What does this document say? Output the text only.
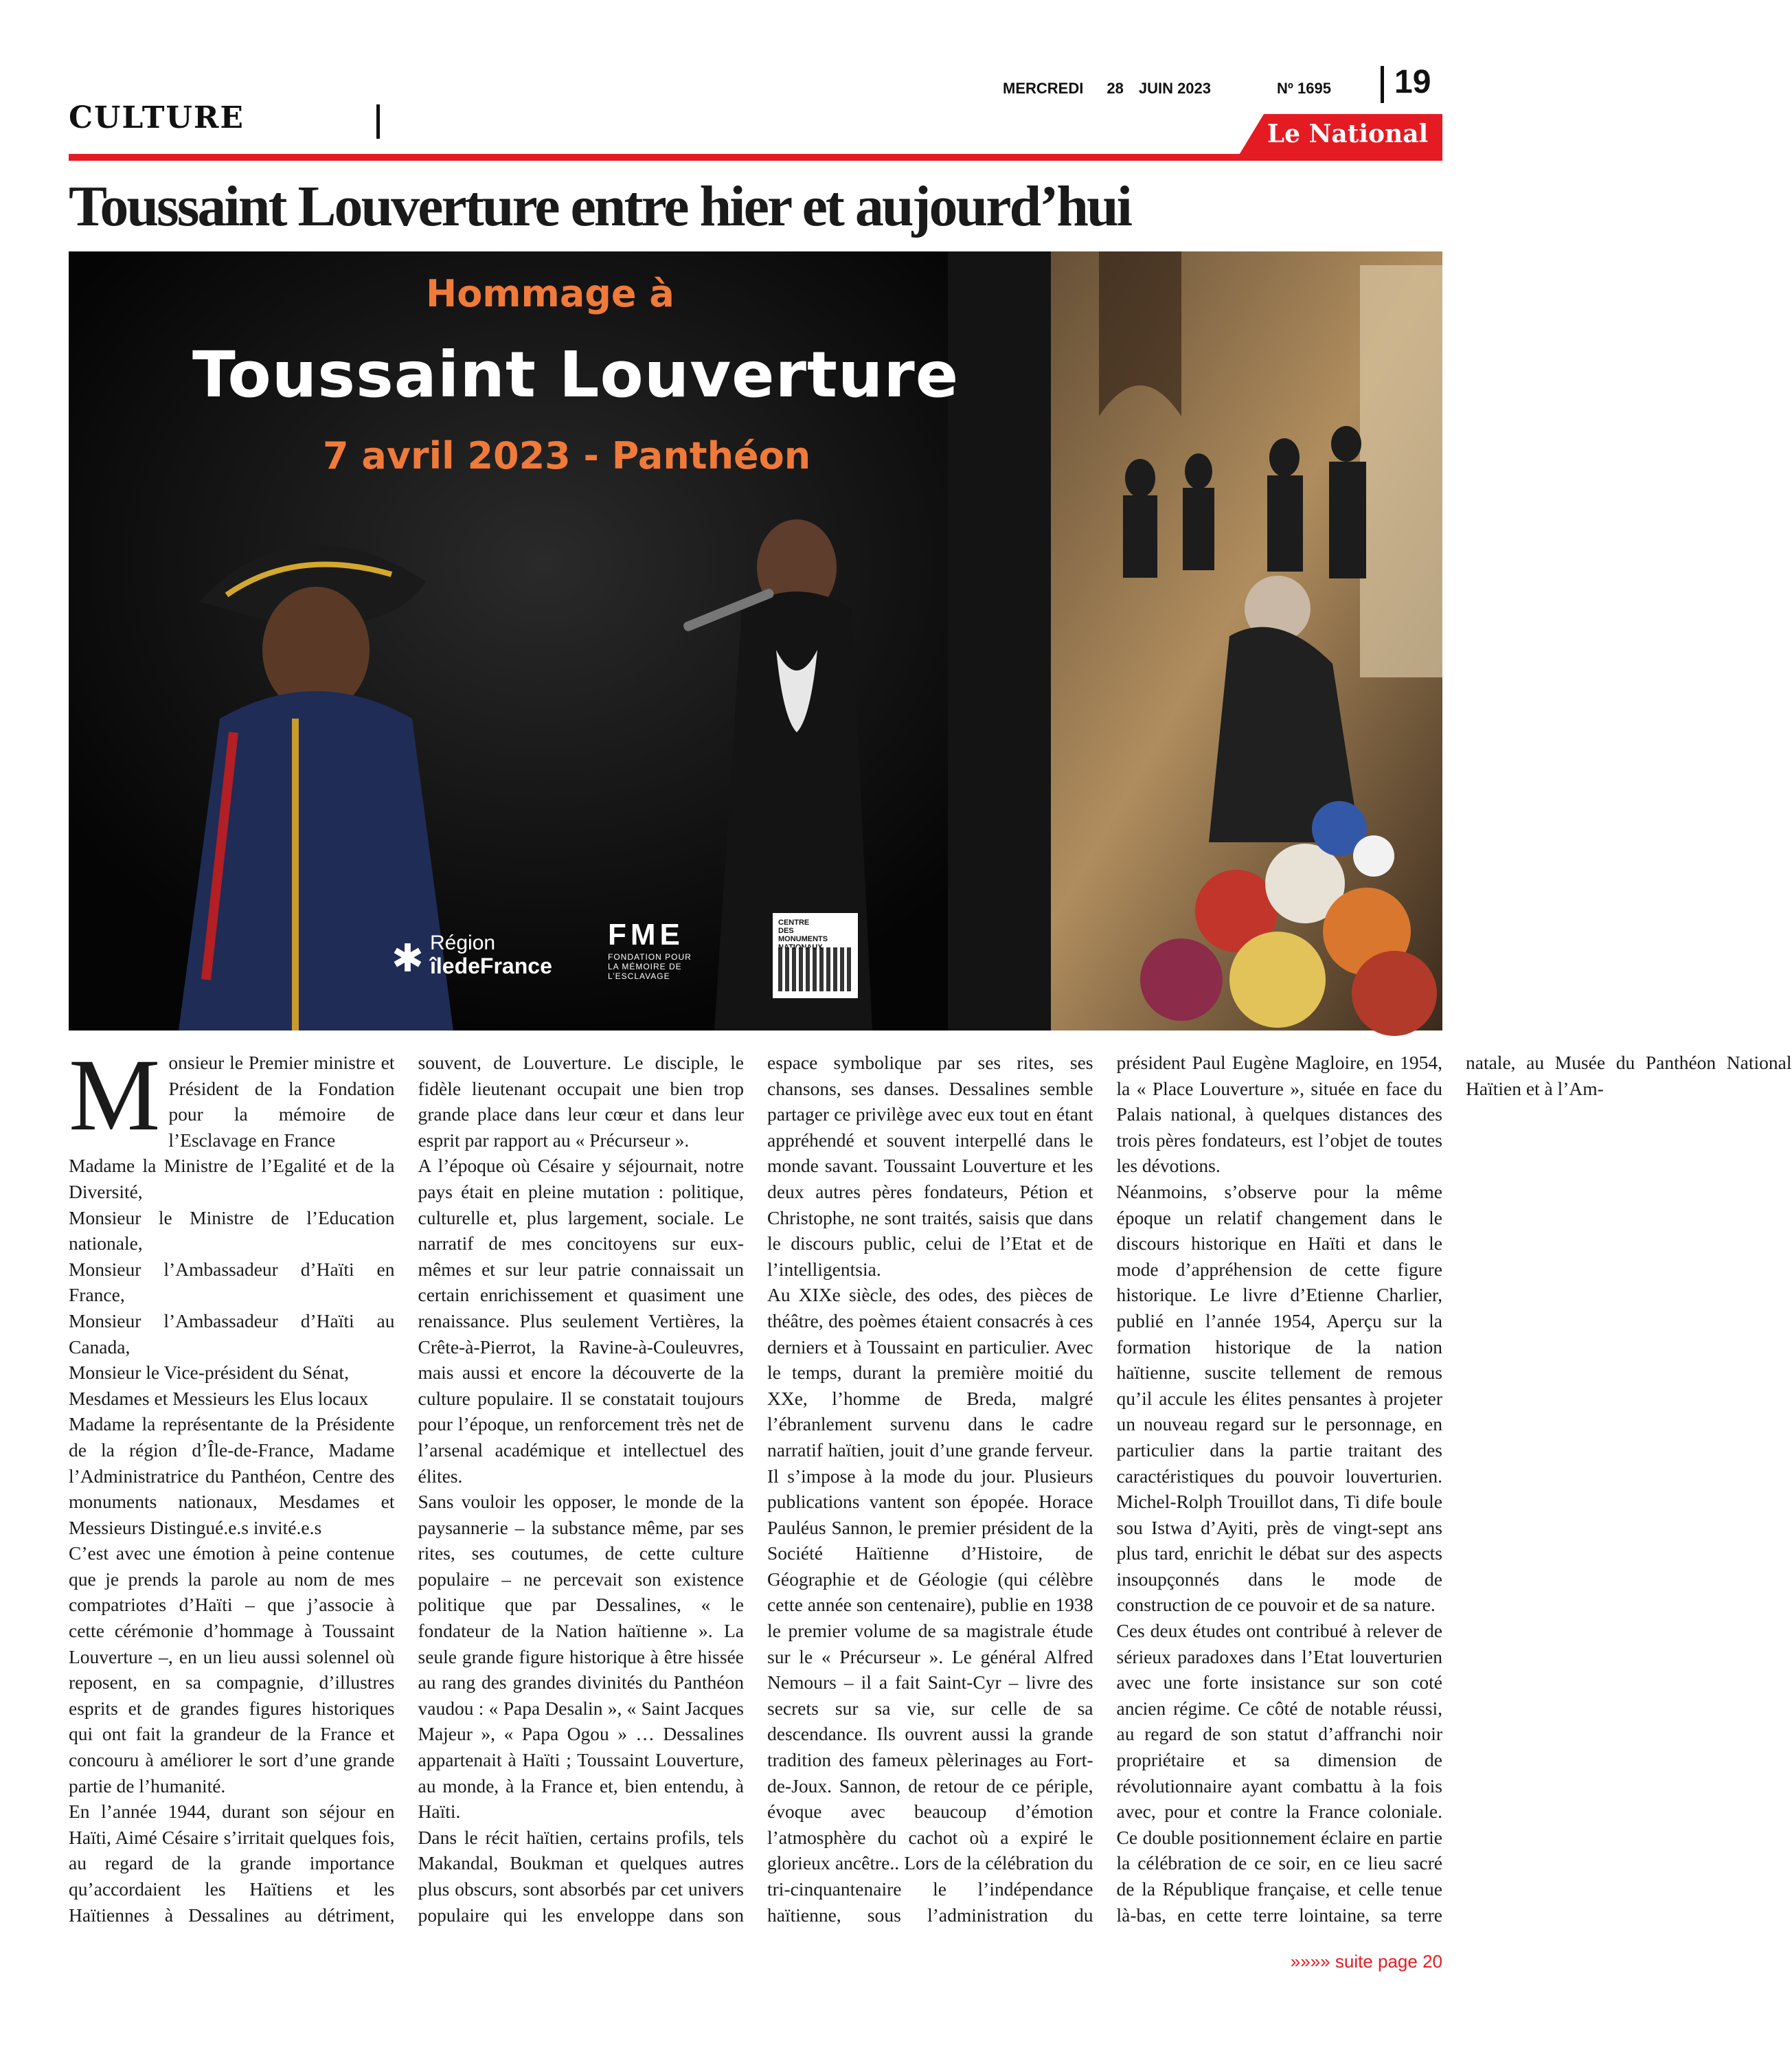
CULTURE
MERCREDI 28 JUIN 2023	Nº 1695 19
Le National
Toussaint Louverture entre hier et aujourd’hui
Hommage à
Toussaint Louverture
7 avril 2023 - Panthéon
✱ Région
îledeFrance
FME
FONDATION POUR
LA MÉMOIRE DE
L’ESCLAVAGE
CENTRE
DES
MONUMENTS

Monsieur le Premier ministre et Président de la Fondation pour la mémoire de l’Esclavage en France

Madame la Ministre de l’Egalité et de la Diversité,

Monsieur le Ministre de l’Education nationale,

Monsieur l’Ambassadeur d’Haïti en France,

Monsieur l’Ambassadeur d’Haïti au Canada,

Monsieur le Vice-président du Sénat,

Mesdames et Messieurs les Elus locaux

Madame la représentante de la Présidente de la région d’Île-de-France, Madame l’Administratrice du Panthéon, Centre des monuments nationaux, Mesdames et Messieurs Distingué.e.s invité.e.s

C’est avec une émotion à peine contenue que je prends la parole au nom de mes compatriotes d’Haïti – que j’associe à cette cérémonie d’hommage à Toussaint Louverture –, en un lieu aussi solennel où reposent, en sa compagnie, d’illustres esprits et de grandes figures historiques qui ont fait la grandeur de la France et concouru à améliorer le sort d’une grande partie de l’humanité.

En l’année 1944, durant son séjour en Haïti, Aimé Césaire s’irritait quelques fois, au regard de la grande importance qu’accordaient les Haïtiens et les Haïtiennes à Dessalines au détriment, souvent, de Louverture. Le disciple, le fidèle lieutenant occupait une bien trop grande place dans leur cœur et dans leur esprit par rapport au « Précurseur ».

A l’époque où Césaire y séjournait, notre pays était en pleine mutation : politique, culturelle et, plus largement, sociale. Le narratif de mes concitoyens sur eux-mêmes et sur leur patrie connaissait un certain enrichissement et quasiment une renaissance. Plus seulement Vertières, la Crête-à-Pierrot, la Ravine-à-Couleuvres, mais aussi et encore la découverte de la culture populaire. Il se constatait toujours pour l’époque, un renforcement très net de l’arsenal académique et intellectuel des élites.

Sans vouloir les opposer, le monde de la paysannerie – la substance même, par ses rites, ses coutumes, de cette culture populaire – ne percevait son existence politique que par Dessalines, « le fondateur de la Nation haïtienne ». La seule grande figure historique à être hissée au rang des grandes divinités du Panthéon vaudou : « Papa Desalin », « Saint Jacques Majeur », « Papa Ogou » … Dessalines appartenait à Haïti ; Toussaint Louverture, au monde, à la France et, bien entendu, à Haïti.

Dans le récit haïtien, certains profils, tels Makandal, Boukman et quelques autres plus obscurs, sont absorbés par cet univers populaire qui les enveloppe dans son espace symbolique par ses rites, ses chansons, ses danses. Dessalines semble partager ce privilège avec eux tout en étant appréhendé et souvent interpellé dans le monde savant. Toussaint Louverture et les deux autres pères fondateurs, Pétion et Christophe, ne sont traités, saisis que dans le discours public, celui de l’Etat et de l’intelligentsia.

Au XIXe siècle, des odes, des pièces de théâtre, des poèmes étaient consacrés à ces derniers et à Toussaint en particulier. Avec le temps, durant la première moitié du XXe, l’homme de Breda, malgré l’ébranlement survenu dans le cadre narratif haïtien, jouit d’une grande ferveur. Il s’impose à la mode du jour. Plusieurs publications vantent son épopée. Horace Pauléus Sannon, le premier président de la Société Haïtienne d’Histoire, de Géographie et de Géologie (qui célèbre cette année son centenaire), publie en 1938 le premier volume de sa magistrale étude sur le « Précurseur ». Le général Alfred Nemours – il a fait Saint-Cyr – livre des secrets sur sa vie, sur celle de sa descendance. Ils ouvrent aussi la grande tradition des fameux pèlerinages au Fort- de-Joux. Sannon, de retour de ce périple, évoque avec beaucoup d’émotion l’atmosphère du cachot où a expiré le glorieux ancêtre.. Lors de la célébration du tri-cinquantenaire le l’indépendance haïtienne, sous l’administration du président Paul Eugène Magloire, en 1954, la « Place Louverture », située en face du Palais national, à quelques distances des trois pères fondateurs, est l’objet de toutes les dévotions.

Néanmoins, s’observe pour la même époque un relatif changement dans le discours historique en Haïti et dans le mode d’appréhension de cette figure historique. Le livre d’Etienne Charlier, publié en l’année 1954, Aperçu sur la formation historique de la nation haïtienne, suscite tellement de remous qu’il accule les élites pensantes à projeter un nouveau regard sur le personnage, en particulier dans la partie traitant des caractéristiques du pouvoir louverturien. Michel-Rolph Trouillot dans, Ti dife boule sou Istwa d’Ayiti, près de vingt-sept ans plus tard, enrichit le débat sur des aspects insoupçonnés dans le mode de construction de ce pouvoir et de sa nature.

Ces deux études ont contribué à relever de sérieux paradoxes dans l’Etat louverturien avec une forte insistance sur son coté ancien régime. Ce côté de notable réussi, au regard de son statut d’affranchi noir propriétaire et sa dimension de révolutionnaire ayant combattu à la fois avec, pour et contre la France coloniale. Ce double positionnement éclaire en partie la célébration de ce soir, en ce lieu sacré de la République française, et celle tenue là-bas, en cette terre lointaine, sa terre natale, au Musée du Panthéon National Haïtien et à l’Am-

»»»» suite page 20
